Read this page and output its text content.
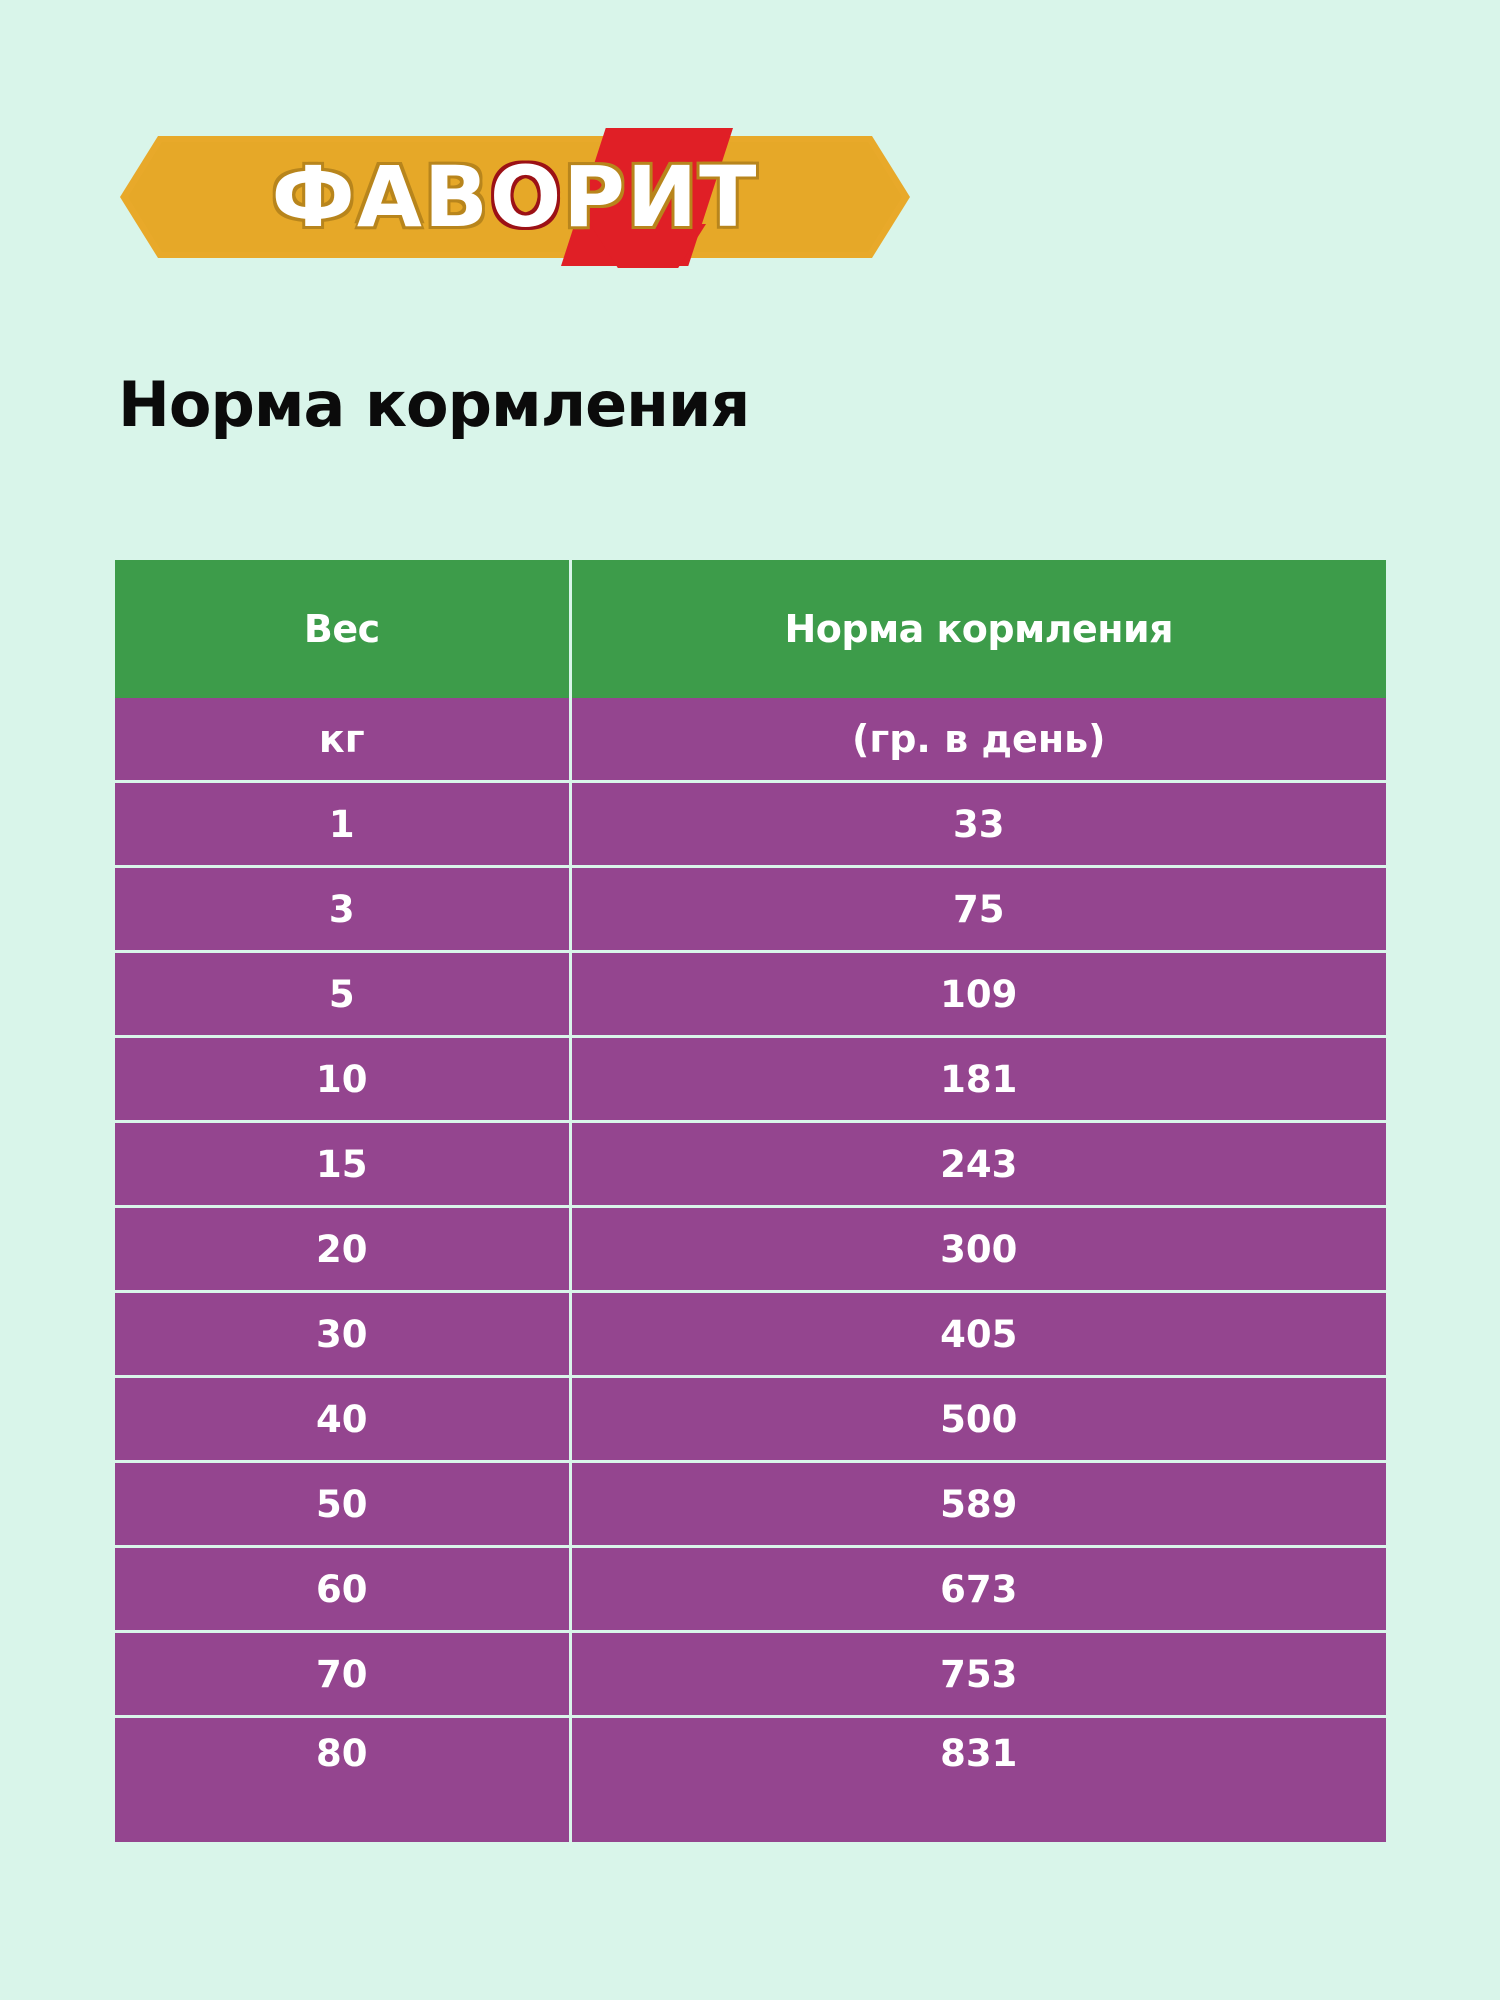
ФАВ О РИТ
Норма кормления
Вес	Норма кормления
кг	(гр. в день)
1	33
3	75
5	109
10	181
15	243
20	300
30	405
40	500
50	589
60	673
70	753
80	831
